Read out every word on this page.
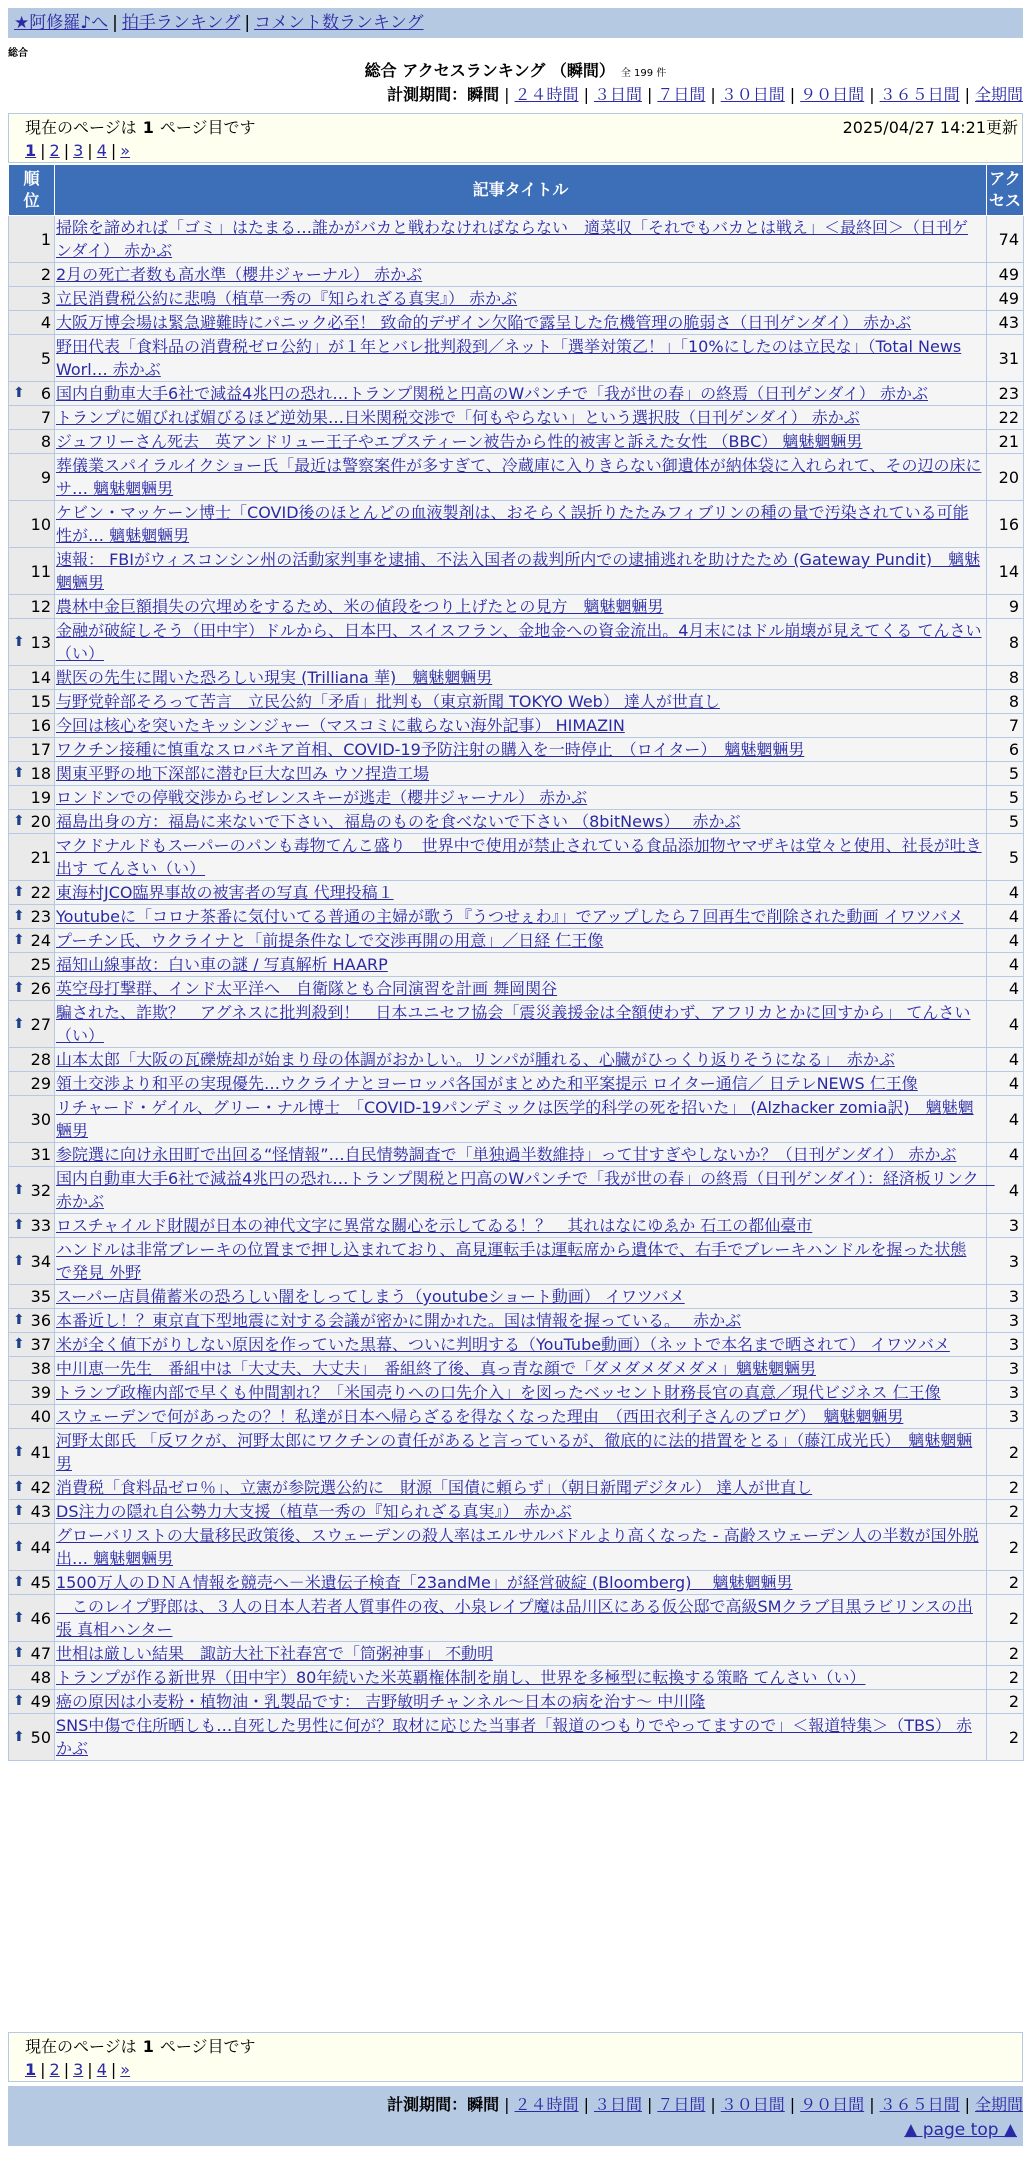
★阿修羅♪へ | 拍手ランキング | コメント数ランキング
総合
総合 アクセスランキング （瞬間） 全 199 件
計測期間：瞬間 | ２４時間 | ３日間 | ７日間 | ３０日間 | ９０日間 | ３６５日間 | 全期間
現在のページは 1 ページ目です	2025/04/27 14:21更新
1 | 2 | 3 | 4 | »
順位	記事タイトル	アクセス
1	掃除を諦めれば「ゴミ」はたまる…誰かがバカと戦わなければならない　適菜収「それでもバカとは戦え」＜最終回＞（日刊ゲンダイ） 赤かぶ	74
2	2月の死亡者数も高水準（櫻井ジャーナル） 赤かぶ	49
3	立民消費税公約に悲鳴（植草一秀の『知られざる真実』） 赤かぶ	49
4	大阪万博会場は緊急避難時にパニック必至！ 致命的デザイン欠陥で露呈した危機管理の脆弱さ（日刊ゲンダイ） 赤かぶ	43
5	野田代表「食料品の消費税ゼロ公約」が１年とバレ批判殺到／ネット「選挙対策乙！」「10%にしたのは立民な」（Total News Worl… 赤かぶ	31

⬆ 6	国内自動車大手6社で減益4兆円の恐れ…トランプ関税と円高のWパンチで「我が世の春」の終焉（日刊ゲンダイ） 赤かぶ	23
7	トランプに媚びれば媚びるほど逆効果…日米関税交渉で「何もやらない」という選択肢（日刊ゲンダイ） 赤かぶ	22
8	ジュフリーさん死去　英アンドリュー王子やエプスティーン被告から性的被害と訴えた女性 （BBC） 魑魅魍魎男	21
9	葬儀業スパイラルイクショー氏「最近は警察案件が多すぎて、冷蔵庫に入りきらない御遺体が納体袋に入れられて、その辺の床にサ… 魑魅魍魎男	20
10	ケビン・マッケーン博士「COVID後のほとんどの血液製剤は、おそらく誤折りたたみフィブリンの種の量で汚染されている可能性が… 魑魅魍魎男	16
11	速報： FBIがウィスコンシン州の活動家判事を逮捕、不法入国者の裁判所内での逮捕逃れを助けたため (Gateway Pundit)　魑魅魍魎男	14
12	農林中金巨額損失の穴埋めをするため、米の値段をつり上げたとの見方　魑魅魍魎男	9

⬆ 13	金融が破綻しそう（田中宇）ドルから、日本円、スイスフラン、金地金への資金流出。4月末にはドル崩壊が見えてくる てんさい（い）	8
14	獣医の先生に聞いた恐ろしい現実 (Trilliana 華)　魑魅魍魎男	8
15	与野党幹部そろって苦言　立民公約「矛盾」批判も（東京新聞 TOKYO Web） 達人が世直し	8
16	今回は核心を突いたキッシンジャー（マスコミに載らない海外記事） HIMAZIN	7
17	ワクチン接種に慎重なスロバキア首相、COVID-19予防注射の購入を一時停止　（ロイター）　魑魅魍魎男	6

⬆ 18	関東平野の地下深部に潜む巨大な凹み ウソ捏造工場	5
19	ロンドンでの停戦交渉からゼレンスキーが逃走（櫻井ジャーナル） 赤かぶ	5

⬆ 20	福島出身の方：福島に来ないで下さい、福島のものを食べないで下さい （8bitNews）　 赤かぶ	5
21	マクドナルドもスーパーのパンも毒物てんこ盛り　世界中で使用が禁止されている食品添加物ヤマザキは堂々と使用、社長が吐き出す てんさい（い）	5

⬆ 22	東海村JCO臨界事故の被害者の写真 代理投稿１	4

⬆ 23	Youtubeに「コロナ茶番に気付いてる普通の主婦が歌う『うつせぇわ』」でアップしたら７回再生で削除された動画 イワツバメ	4

⬆ 24	プーチン氏、ウクライナと「前提条件なしで交渉再開の用意」／日経 仁王像	4
25	福知山線事故：白い車の謎 / 写真解析 HAARP	4

⬆ 26	英空母打撃群、インド太平洋へ　自衛隊とも合同演習を計画 舞岡関谷	4

⬆ 27	騙された、詐欺？　アグネスに批判殺到！　日本ユニセフ協会「震災義援金は全額使わず、アフリカとかに回すから」 てんさい（い）	4
28	山本太郎「大阪の瓦礫焼却が始まり母の体調がおかしい。リンパが腫れる、心臓がひっくり返りそうになる」　赤かぶ	4
29	領土交渉より和平の実現優先…ウクライナとヨーロッパ各国がまとめた和平案提示 ロイター通信／ 日テレNEWS 仁王像	4
30	リチャード・ゲイル、グリー・ナル博士　「COVID-19パンデミックは医学的科学の死を招いた」 (Alzhacker zomia訳)　魑魅魍魎男	4
31	参院選に向け永田町で出回る“怪情報”…自民情勢調査で「単独過半数維持」って甘すぎやしないか？（日刊ゲンダイ） 赤かぶ	4

⬆ 32	国内自動車大手6社で減益4兆円の恐れ…トランプ関税と円高のWパンチで「我が世の春」の終焉（日刊ゲンダイ）：経済板リンク　赤かぶ	4

⬆ 33	ロスチャイルド財閥が日本の神代文字に異常な關心を示してゐる！？　其れはなにゆゑか 石工の都仙臺市	3

⬆ 34	ハンドルは非常ブレーキの位置まで押し込まれており、高見運転手は運転席から遺体で、右手でブレーキハンドルを握った状態で発見 外野	3
35	スーパー店員備蓄米の恐ろしい闇をしってしまう（youtubeショート動画） イワツバメ	3

⬆ 36	本番近し！？東京直下型地震に対する会議が密かに開かれた。国は情報を握っている。　 赤かぶ	3

⬆ 37	米が全く値下がりしない原因を作っていた黒幕、ついに判明する（YouTube動画）（ネットで本名まで晒されて） イワツバメ	3
38	中川恵一先生　番組中は「大丈夫、大丈夫」　番組終了後、真っ青な顔で「ダメダメダメダメ」魑魅魍魎男	3
39	トランプ政権内部で早くも仲間割れ？「米国売りへの口先介入」を図ったベッセント財務長官の真意／現代ビジネス 仁王像	3
40	スウェーデンで何があったの？！私達が日本へ帰らざるを得なくなった理由　（西田衣利子さんのブログ）　魑魅魍魎男	3

⬆ 41	河野太郎氏 「反ワクが、河野太郎にワクチンの責任があると言っているが、徹底的に法的措置をとる」（藤江成光氏）　魑魅魍魎男	2

⬆ 42	消費税「食料品ゼロ％」、立憲が参院選公約に　財源「国債に頼らず」（朝日新聞デジタル） 達人が世直し	2

⬆ 43	DS注力の隠れ自公勢力大支援（植草一秀の『知られざる真実』） 赤かぶ	2

⬆ 44	グローバリストの大量移民政策後、スウェーデンの殺人率はエルサルバドルより高くなった - 高齢スウェーデン人の半数が国外脱出… 魑魅魍魎男	2

⬆ 45	1500万人のＤＮＡ情報を競売へ－米遺伝子検査「23andMe」が経営破綻 (Bloomberg)　 魑魅魍魎男	2

⬆ 46	　このレイプ野郎は、３人の日本人若者人質事件の夜、小泉レイプ魔は品川区にある仮公邸で高級SMクラブ目黒ラビリンスの出張 真相ハンター	2

⬆ 47	世相は厳しい結果　諏訪大社下社春宮で「筒粥神事」 不動明	2
48	トランプが作る新世界（田中宇）80年続いた米英覇権体制を崩し、世界を多極型に転換する策略 てんさい（い）	2

⬆ 49	癌の原因は小麦粉・植物油・乳製品です： 吉野敏明チャンネル〜日本の病を治す〜 中川隆	2

⬆ 50	SNS中傷で住所晒しも…自死した男性に何が？取材に応じた当事者「報道のつもりでやってますので」＜報道特集＞（TBS） 赤かぶ	2
現在のページは 1 ページ目です
1 | 2 | 3 | 4 | »
計測期間：瞬間 | ２４時間 | ３日間 | ７日間 | ３０日間 | ９０日間 | ３６５日間 | 全期間
▲ page top ▲
